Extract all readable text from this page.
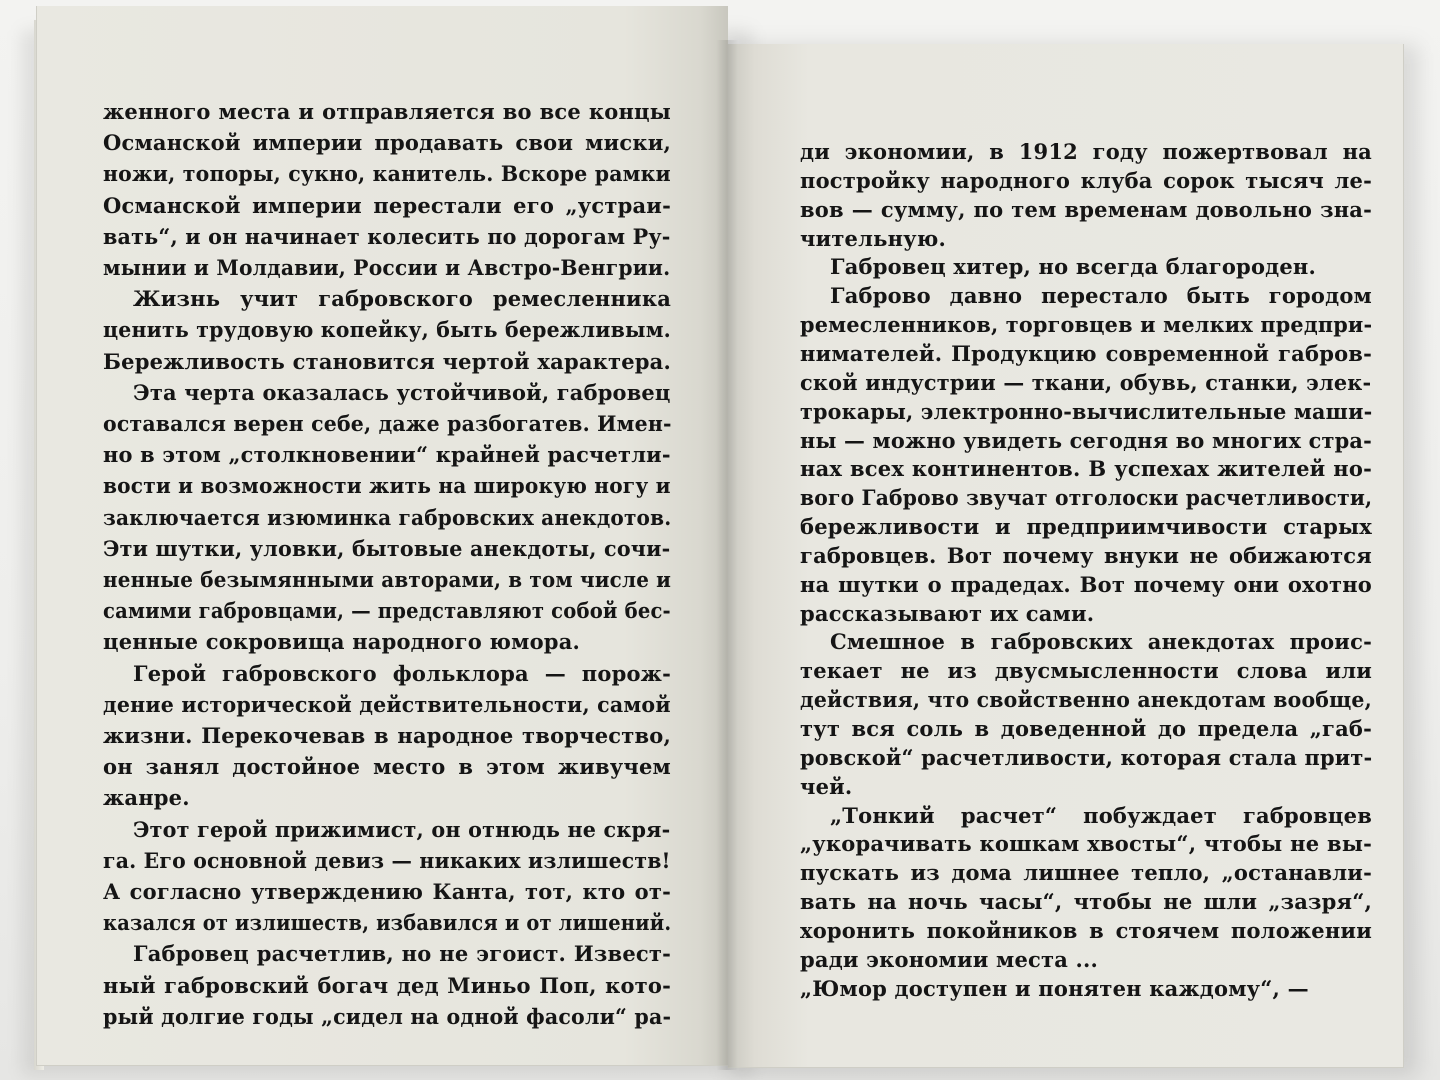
женного места и отправляется во все концы
Османской империи продавать свои миски,
ножи, топоры, сукно, канитель. Вскоре рамки
Османской империи перестали его „устраи-
вать“, и он начинает колесить по дорогам Ру-
мынии и Молдавии, России и Австро-Венгрии.
Жизнь учит габровского ремесленника
ценить трудовую копейку, быть бережливым.
Бережливость становится чертой характера.
Эта черта оказалась устойчивой, габровец
оставался верен себе, даже разбогатев. Имен-
но в этом „столкновении“ крайней расчетли-
вости и возможности жить на широкую ногу и
заключается изюминка габровских анекдотов.
Эти шутки, уловки, бытовые анекдоты, сочи-
ненные безымянными авторами, в том числе и
самими габровцами, — представляют собой бес-
ценные сокровища народного юмора.
Герой габровского фольклора — порож-
дение исторической действительности, самой
жизни. Перекочевав в народное творчество,
он занял достойное место в этом живучем
жанре.
Этот герой прижимист, он отнюдь не скря-
га. Его основной девиз — никаких излишеств!
А согласно утверждению Канта, тот, кто от-
казался от излишеств, избавился и от лишений.
Габровец расчетлив, но не эгоист. Извест-
ный габровский богач дед Миньо Поп, кото-
рый долгие годы „сидел на одной фасоли“ ра-
ди экономии, в 1912 году пожертвовал на
постройку народного клуба сорок тысяч ле-
вов — сумму, по тем временам довольно зна-
чительную.
Габровец хитер, но всегда благороден.
Габрово давно перестало быть городом
ремесленников, торговцев и мелких предпри-
нимателей. Продукцию современной габров-
ской индустрии — ткани, обувь, станки, элек-
трокары, электронно-вычислительные маши-
ны — можно увидеть сегодня во многих стра-
нах всех континентов. В успехах жителей но-
вого Габрово звучат отголоски расчетливости,
бережливости и предприимчивости старых
габровцев. Вот почему внуки не обижаются
на шутки о прадедах. Вот почему они охотно
рассказывают их сами.
Смешное в габровских анекдотах проис-
текает не из двусмысленности слова или
действия, что свойственно анекдотам вообще,
тут вся соль в доведенной до предела „габ-
ровской“ расчетливости, которая стала прит-
чей.
„Тонкий расчет“ побуждает габровцев
„укорачивать кошкам хвосты“, чтобы не вы-
пускать из дома лишнее тепло, „останавли-
вать на ночь часы“, чтобы не шли „зазря“,
хоронить покойников в стоячем положении
ради экономии места ...
„Юмор доступен и понятен каждому“, —
